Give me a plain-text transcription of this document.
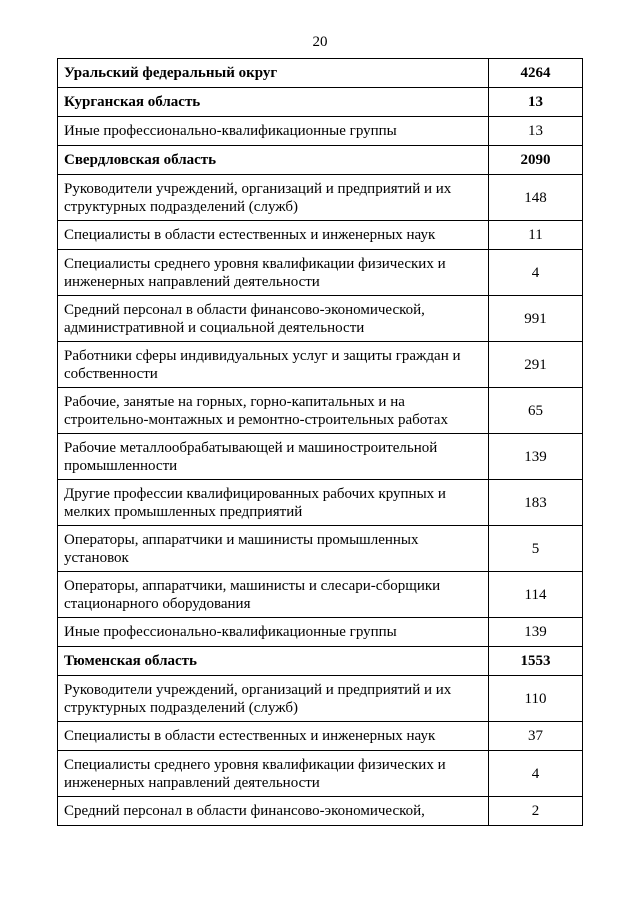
20
Уральский федеральный округ	4264
Курганская область	13
Иные профессионально-квалификационные группы	13
Свердловская область	2090
Руководители учреждений, организаций и предприятий и их структурных подразделений (служб)	148
Специалисты в области естественных и инженерных наук	11
Специалисты среднего уровня квалификации физических и инженерных направлений деятельности	4
Средний персонал в области финансово-экономической, административной и социальной деятельности	991
Работники сферы индивидуальных услуг и защиты граждан и собственности	291
Рабочие, занятые на горных, горно-капитальных и на строительно-монтажных и ремонтно-строительных работах	65
Рабочие металлообрабатывающей и машиностроительной промышленности	139
Другие профессии квалифицированных рабочих крупных и мелких промышленных предприятий	183
Операторы, аппаратчики и машинисты промышленных установок	5
Операторы, аппаратчики, машинисты и слесари-сборщики стационарного оборудования	114
Иные профессионально-квалификационные группы	139
Тюменская область	1553
Руководители учреждений, организаций и предприятий и их структурных подразделений (служб)	110
Специалисты в области естественных и инженерных наук	37
Специалисты среднего уровня квалификации физических и инженерных направлений деятельности	4
Средний персонал в области финансово-экономической,	2
